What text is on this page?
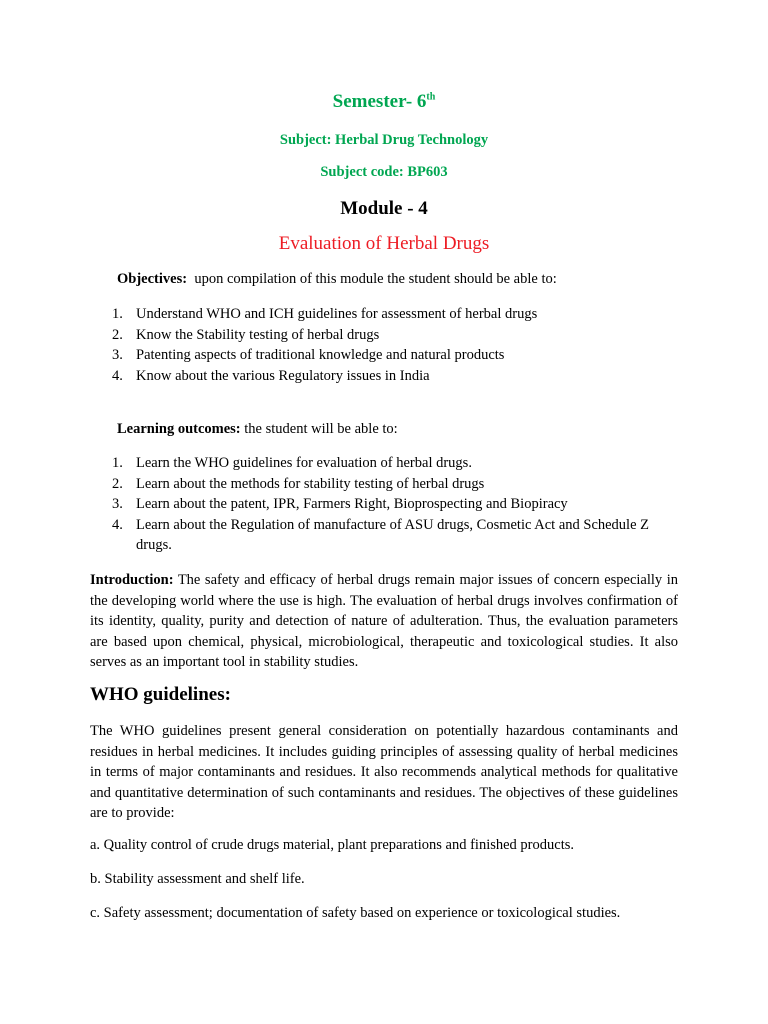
Semester- 6th
Subject: Herbal Drug Technology
Subject code: BP603
Module - 4
Evaluation of Herbal Drugs
Objectives: upon compilation of this module the student should be able to:
1. Understand WHO and ICH guidelines for assessment of herbal drugs
2. Know the Stability testing of herbal drugs
3. Patenting aspects of traditional knowledge and natural products
4. Know about the various Regulatory issues in India
Learning outcomes: the student will be able to:
1. Learn the WHO guidelines for evaluation of herbal drugs.
2. Learn about the methods for stability testing of herbal drugs
3. Learn about the patent, IPR, Farmers Right, Bioprospecting and Biopiracy
4. Learn about the Regulation of manufacture of ASU drugs, Cosmetic Act and Schedule Z
drugs.
Introduction: The safety and efficacy of herbal drugs remain major issues of concern especially in the developing world where the use is high. The evaluation of herbal drugs involves confirmation of its identity, quality, purity and detection of nature of adulteration. Thus, the evaluation parameters are based upon chemical, physical, microbiological, therapeutic and toxicological studies. It also serves as an important tool in stability studies.
WHO guidelines:
The WHO guidelines present general consideration on potentially hazardous contaminants and residues in herbal medicines. It includes guiding principles of assessing quality of herbal medicines in terms of major contaminants and residues. It also recommends analytical methods for qualitative and quantitative determination of such contaminants and residues. The objectives of these guidelines are to provide:
a. Quality control of crude drugs material, plant preparations and finished products.
b. Stability assessment and shelf life.
c. Safety assessment; documentation of safety based on experience or toxicological studies.
